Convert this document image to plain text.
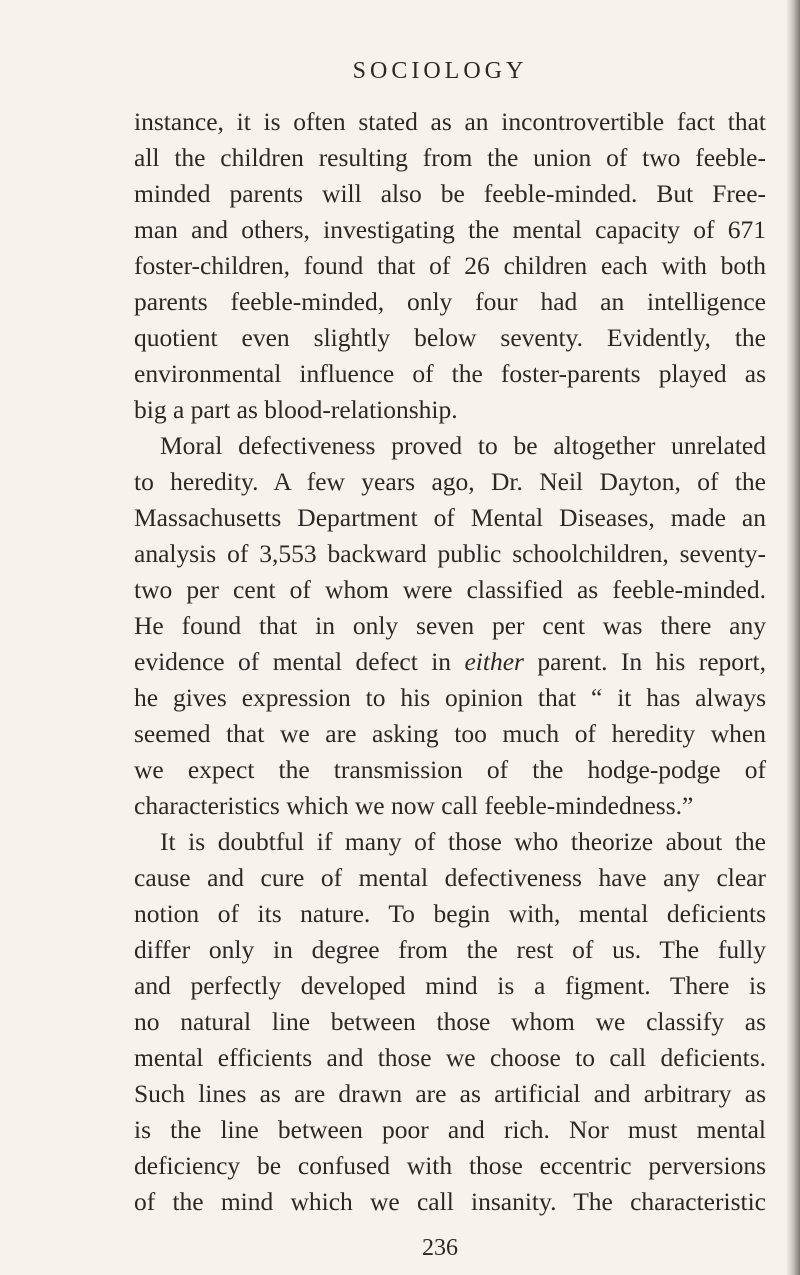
SOCIOLOGY
instance, it is often stated as an incontrovertible fact that
all the children resulting from the union of two feeble-
minded parents will also be feeble-minded. But Free-
man and others, investigating the mental capacity of 671
foster-children, found that of 26 children each with both
parents feeble-minded, only four had an intelligence
quotient even slightly below seventy. Evidently, the
environmental influence of the foster-parents played as
big a part as blood-relationship.
Moral defectiveness proved to be altogether unrelated
to heredity. A few years ago, Dr. Neil Dayton, of the
Massachusetts Department of Mental Diseases, made an
analysis of 3,553 backward public schoolchildren, seventy-
two per cent of whom were classified as feeble-minded.
He found that in only seven per cent was there any
evidence of mental defect in either parent. In his report,
he gives expression to his opinion that “ it has always
seemed that we are asking too much of heredity when
we expect the transmission of the hodge-podge of
characteristics which we now call feeble-mindedness.”
It is doubtful if many of those who theorize about the
cause and cure of mental defectiveness have any clear
notion of its nature. To begin with, mental deficients
differ only in degree from the rest of us. The fully
and perfectly developed mind is a figment. There is
no natural line between those whom we classify as
mental efficients and those we choose to call deficients.
Such lines as are drawn are as artificial and arbitrary as
is the line between poor and rich. Nor must mental
deficiency be confused with those eccentric perversions
of the mind which we call insanity. The characteristic
236
